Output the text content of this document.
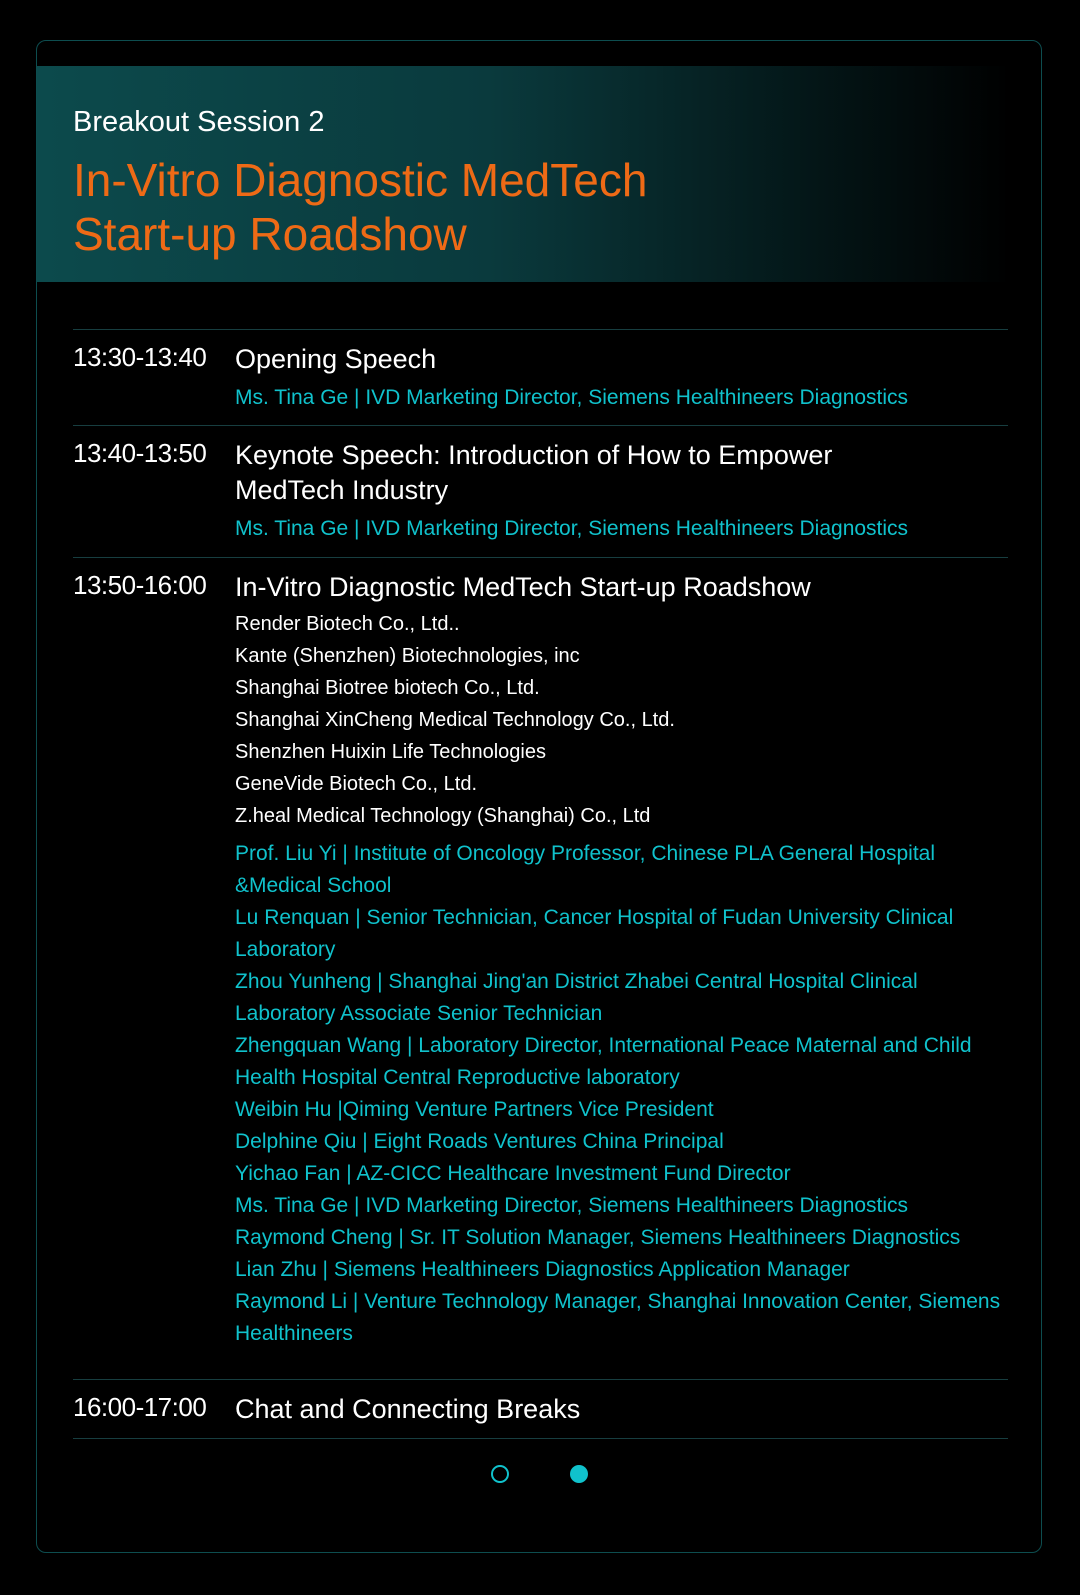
Breakout Session 2
In-Vitro Diagnostic MedTech
Start-up Roadshow
13:30-13:40 Opening Speech
Ms. Tina Ge | IVD Marketing Director, Siemens Healthineers Diagnostics
13:40-13:50 Keynote Speech: Introduction of How to Empower MedTech Industry
Ms. Tina Ge | IVD Marketing Director, Siemens Healthineers Diagnostics
13:50-16:00 In-Vitro Diagnostic MedTech Start-up Roadshow
Render Biotech Co., Ltd..
Kante (Shenzhen) Biotechnologies, inc
Shanghai Biotree biotech Co., Ltd.
Shanghai XinCheng Medical Technology Co., Ltd.
Shenzhen Huixin Life Technologies
GeneVide Biotech Co., Ltd.
Z.heal Medical Technology (Shanghai) Co., Ltd
Prof. Liu Yi | Institute of Oncology Professor, Chinese PLA General Hospital &Medical School
Lu Renquan | Senior Technician, Cancer Hospital of Fudan University Clinical Laboratory
Zhou Yunheng | Shanghai Jing'an District Zhabei Central Hospital Clinical Laboratory Associate Senior Technician
Zhengquan Wang | Laboratory Director, International Peace Maternal and Child Health Hospital Central Reproductive laboratory
Weibin Hu |Qiming Venture Partners Vice President
Delphine Qiu | Eight Roads Ventures China Principal
Yichao Fan | AZ-CICC Healthcare Investment Fund Director
Ms. Tina Ge | IVD Marketing Director, Siemens Healthineers Diagnostics
Raymond Cheng | Sr. IT Solution Manager, Siemens Healthineers Diagnostics
Lian Zhu | Siemens Healthineers Diagnostics Application Manager
Raymond Li | Venture Technology Manager, Shanghai Innovation Center, Siemens Healthineers
16:00-17:00 Chat and Connecting Breaks
